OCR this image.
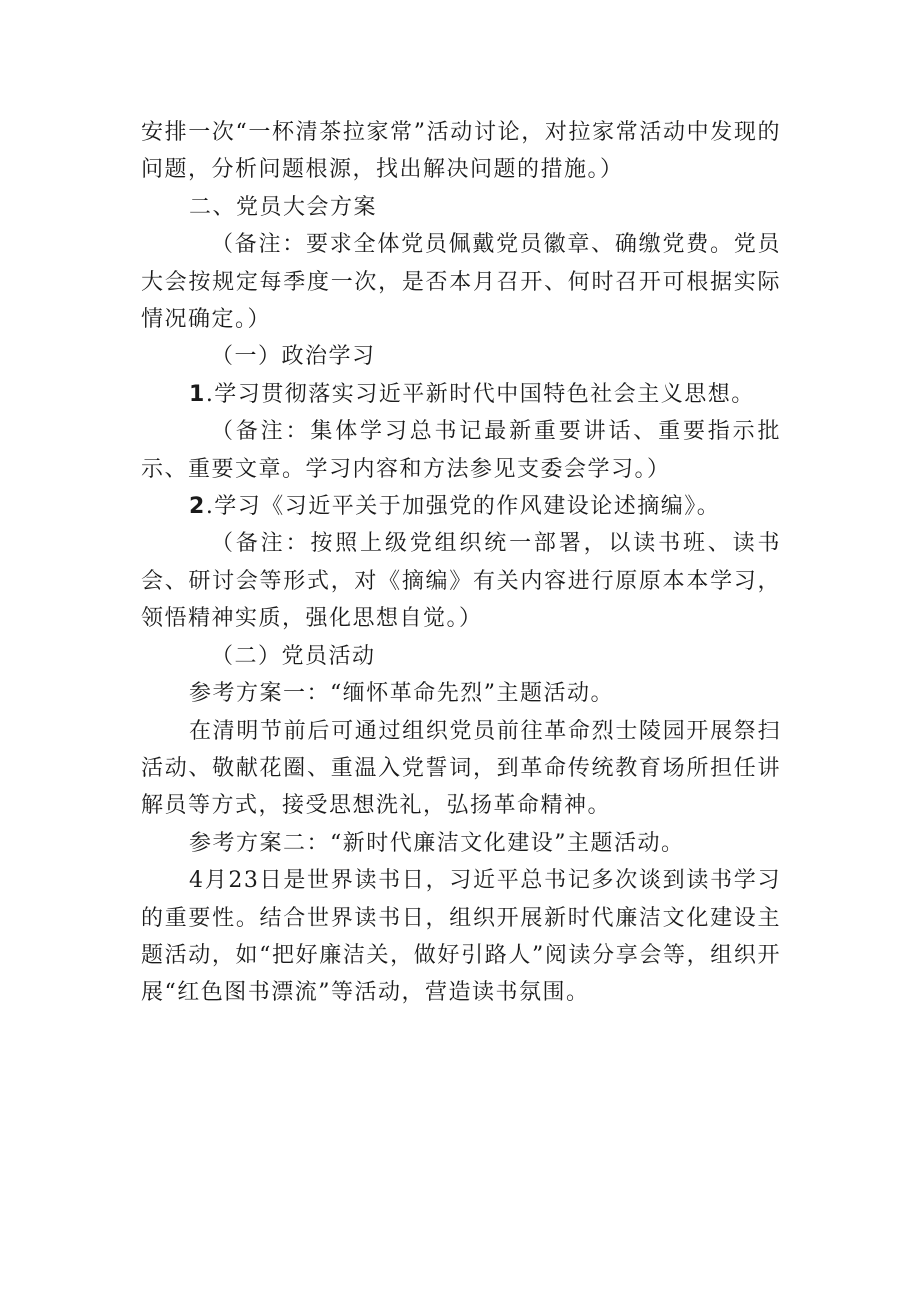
安排一次“一杯清茶拉家常”活动讨论，对拉家常活动中发现的问题，分析问题根源，找出解决问题的措施。）

二、党员大会方案

（备注：要求全体党员佩戴党员徽章、确缴党费。党员大会按规定每季度一次，是否本月召开、何时召开可根据实际情况确定。）

（一）政治学习

1.学习贯彻落实习近平新时代中国特色社会主义思想。

（备注：集体学习总书记最新重要讲话、重要指示批示、重要文章。学习内容和方法参见支委会学习。）

2.学习《习近平关于加强党的作风建设论述摘编》。

（备注：按照上级党组织统一部署，以读书班、读书会、研讨会等形式，对《摘编》有关内容进行原原本本学习，领悟精神实质，强化思想自觉。）

（二）党员活动

参考方案一：“缅怀革命先烈”主题活动。

在清明节前后可通过组织党员前往革命烈士陵园开展祭扫活动、敬献花圈、重温入党誓词，到革命传统教育场所担任讲解员等方式，接受思想洗礼，弘扬革命精神。

参考方案二：“新时代廉洁文化建设”主题活动。

4月23日是世界读书日，习近平总书记多次谈到读书学习的重要性。结合世界读书日，组织开展新时代廉洁文化建设主题活动，如“把好廉洁关，做好引路人”阅读分享会等，组织开展“红色图书漂流”等活动，营造读书氛围。
